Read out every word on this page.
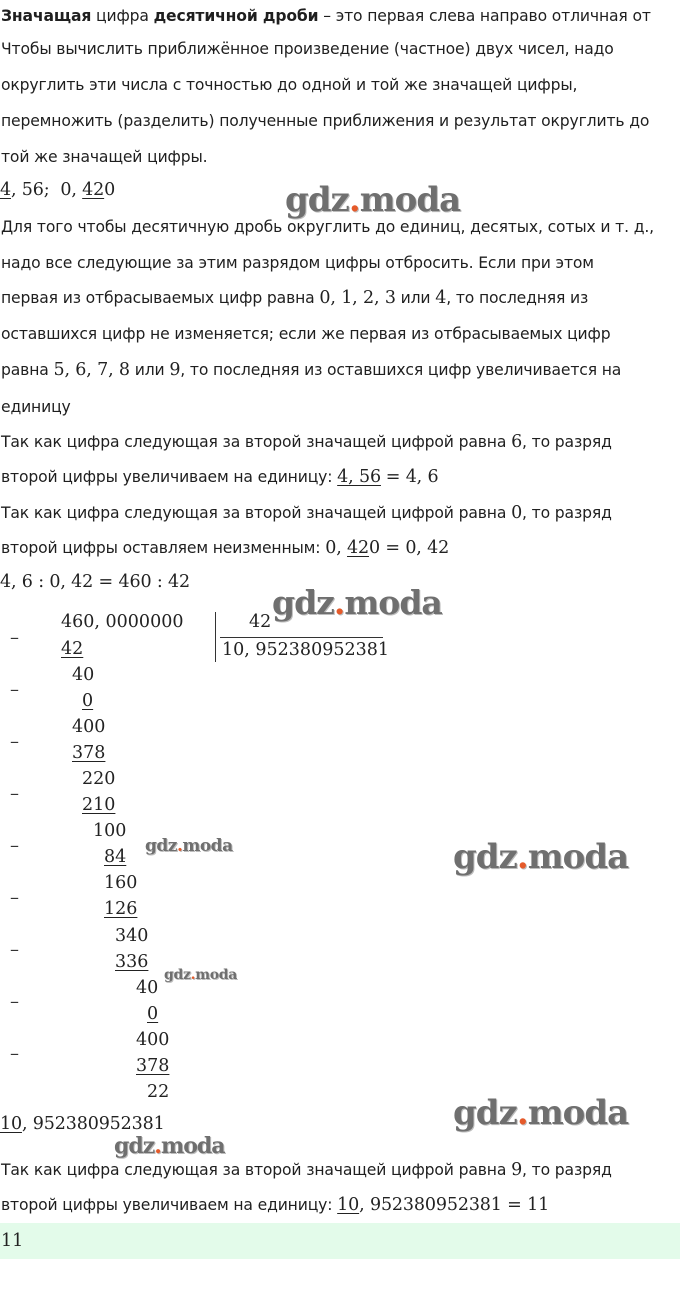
Значащая цифра десятичной дроби – это первая слева направо отличная от
Чтобы вычислить приближённое произведение (частное) двух чисел, надо
округлить эти числа с точностью до одной и той же значащей цифры,
перемножить (разделить) полученные приближения и результат округлить до
той же значащей цифры.
4, 56; 0, 420
Для того чтобы десятичную дробь округлить до единиц, десятых, сотых и т. д.,
надо все следующие за этим разрядом цифры отбросить. Если при этом
первая из отбрасываемых цифр равна 0, 1, 2, 3 или 4, то последняя из
оставшихся цифр не изменяется; если же первая из отбрасываемых цифр
равна 5, 6, 7, 8 или 9, то последняя из оставшихся цифр увеличивается на
единицу
Так как цифра следующая за второй значащей цифрой равна 6, то разряд
второй цифры увеличиваем на единицу: 4, 56 = 4, 6
Так как цифра следующая за второй значащей цифрой равна 0, то разряд
второй цифры оставляем неизменным: 0, 420 = 0, 42
4, 6 : 0, 42 = 460 : 42
460, 0000000	42
10, 952380952381
–
42
40
–
0
400
–
378
220
–
210
100
–
84
160
–
126
340
–
336
40
–
0
400
–
378
22
10, 952380952381
Так как цифра следующая за второй значащей цифрой равна 9, то разряд
второй цифры увеличиваем на единицу: 10, 952380952381 = 11
11
gdz.moda
gdz.moda
gdz.moda	gdz.moda
gdz.moda
gdz.moda
gdz.moda
